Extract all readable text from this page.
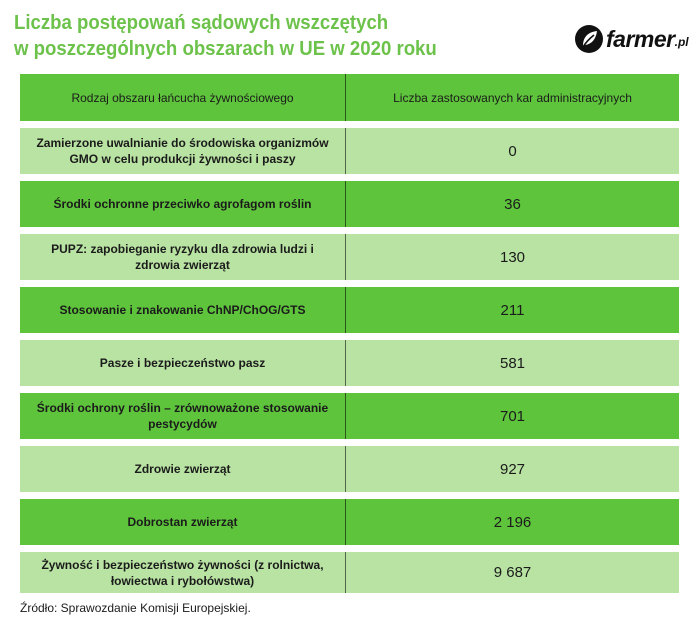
Liczba postępowań sądowych wszczętych
w poszczególnych obszarach w UE w 2020 roku	farmer .pl
Rodzaj obszaru łańcucha żywnościowego	Liczba zastosowanych kar administracyjnych
Zamierzone uwalnianie do środowiska organizmów GMO w celu produkcji żywności i paszy	0
Środki ochronne przeciwko agrofagom roślin	36
PUPZ: zapobieganie ryzyku dla zdrowia ludzi i zdrowia zwierząt	130
Stosowanie i znakowanie ChNP/ChOG/GTS	211
Pasze i bezpieczeństwo pasz	581
Środki ochrony roślin – zrównoważone stosowanie pestycydów	701
Zdrowie zwierząt	927
Dobrostan zwierząt	2 196
Żywność i bezpieczeństwo żywności (z rolnictwa, łowiectwa i rybołówstwa)	9 687
Źródło: Sprawozdanie Komisji Europejskiej.
